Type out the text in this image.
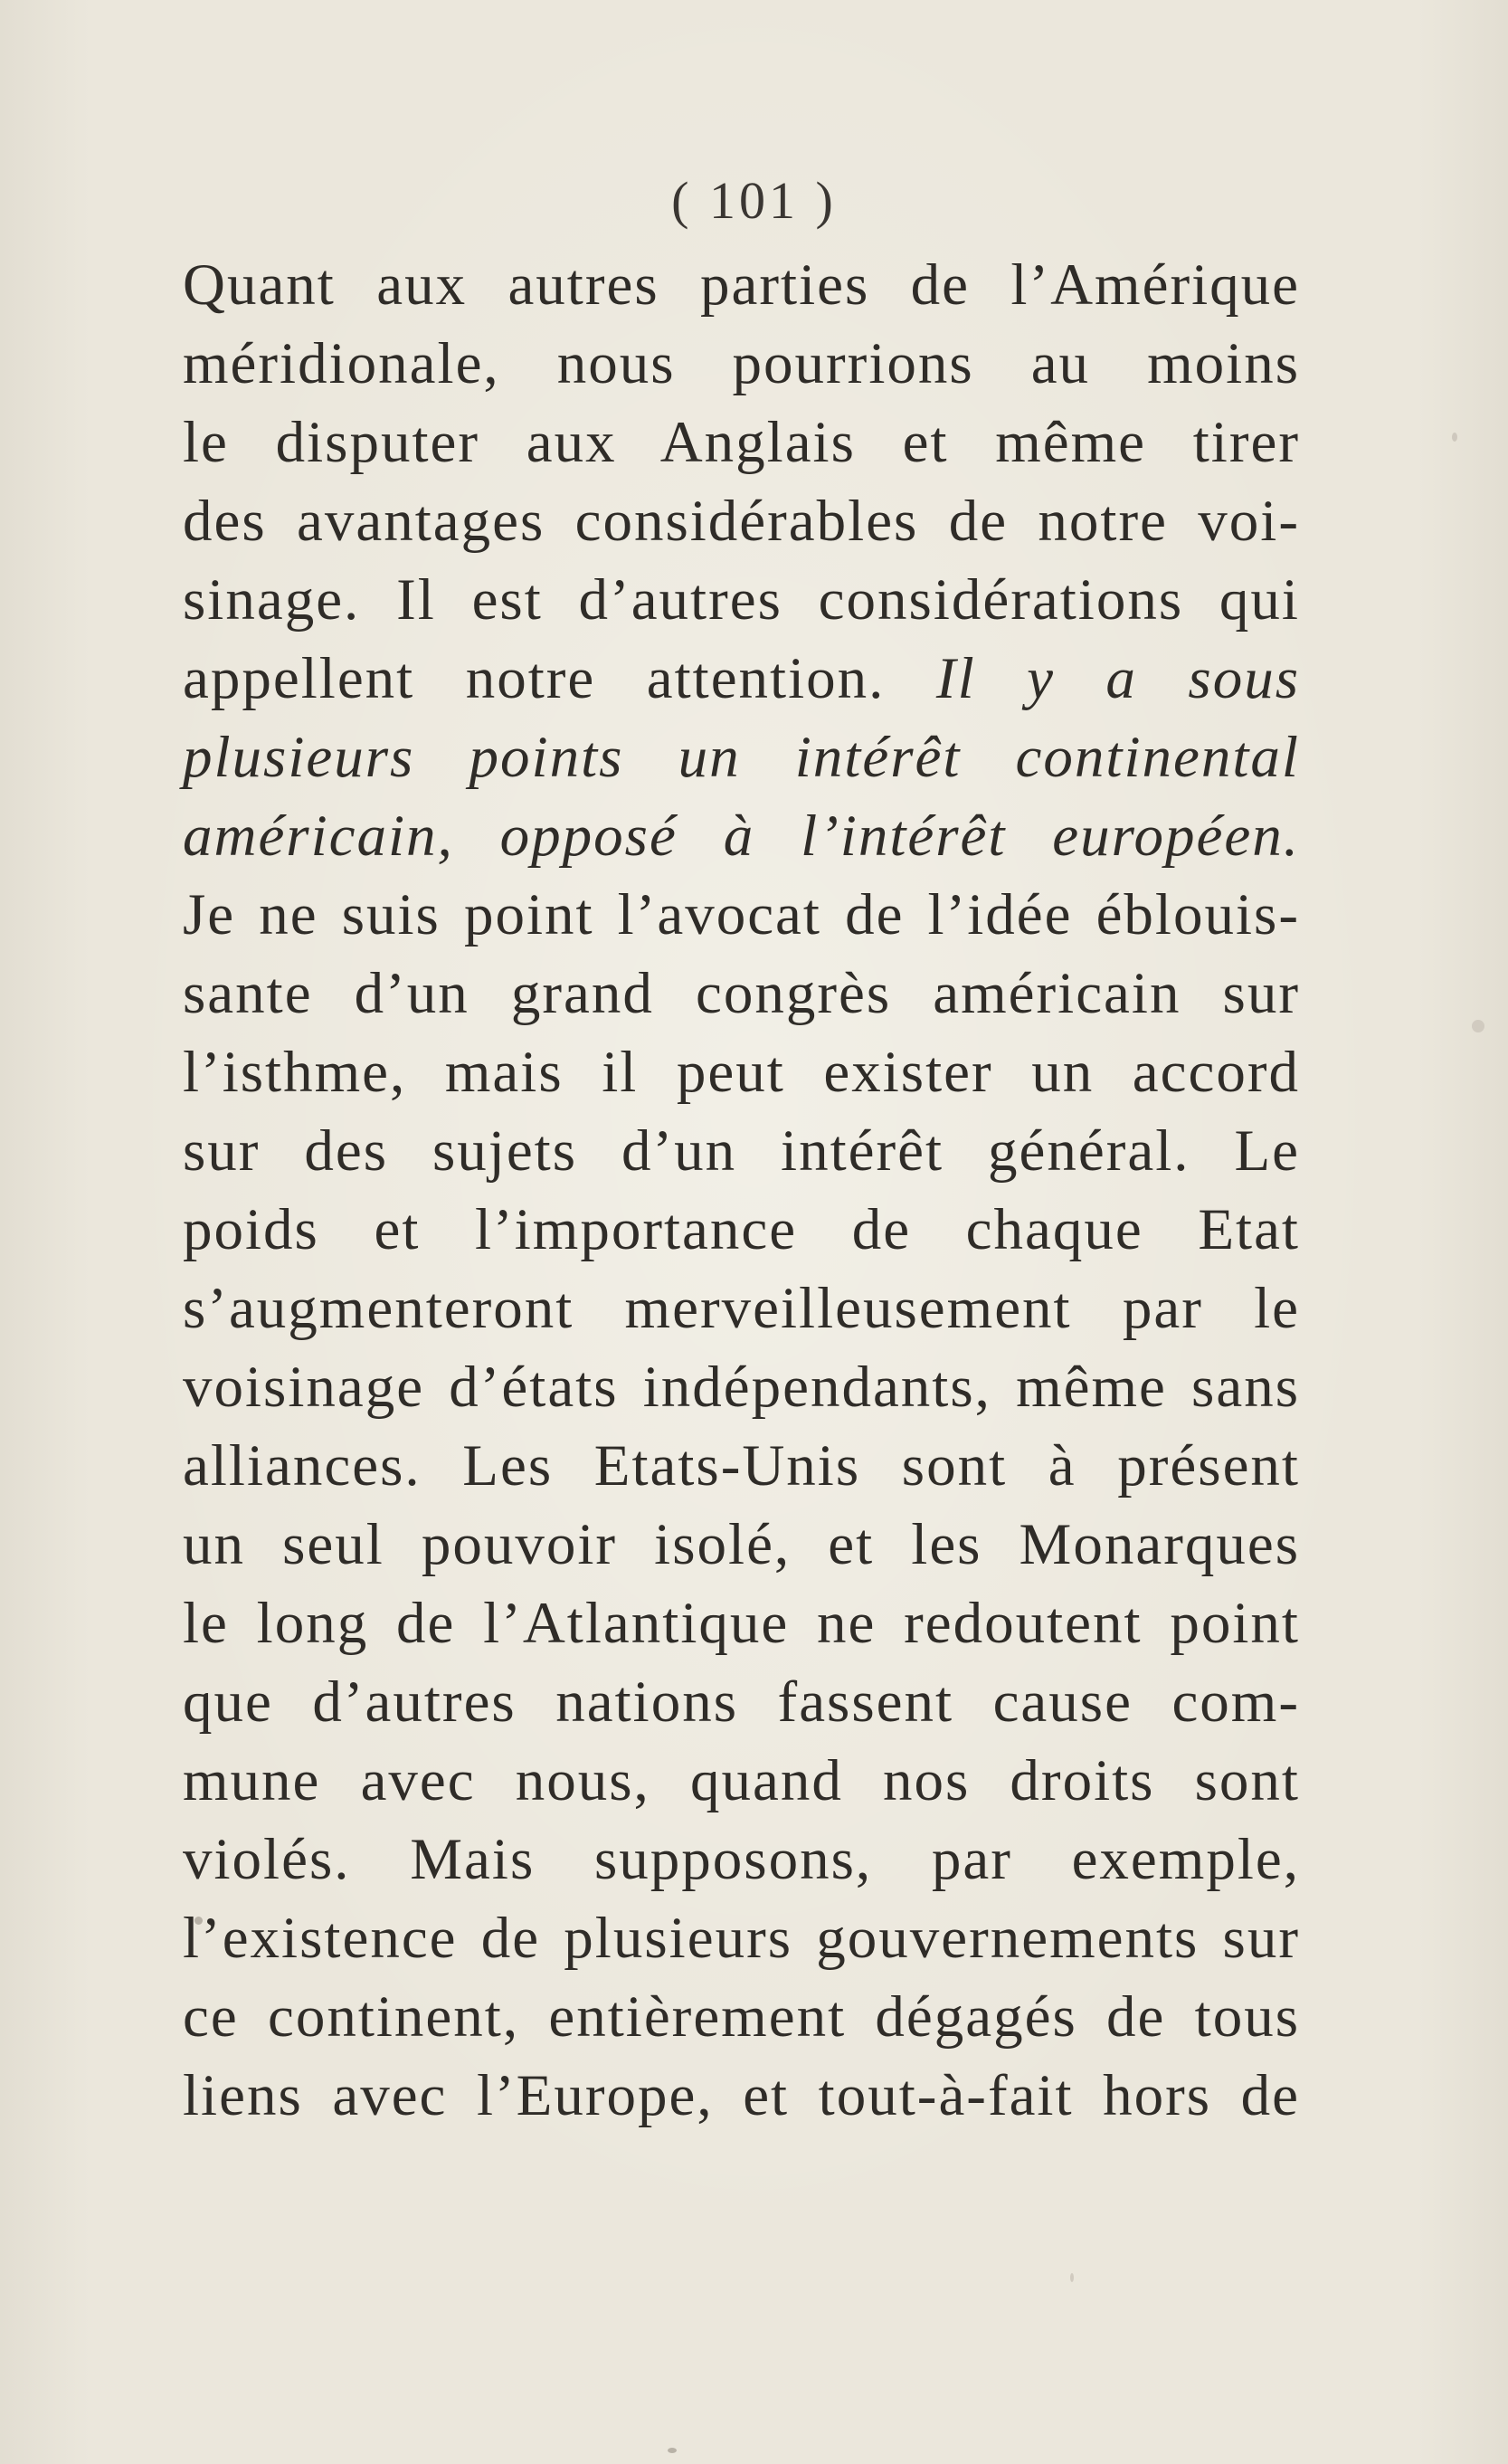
( 101 )
Quant aux autres parties de l’Amérique
méridionale, nous pourrions au moins
le disputer aux Anglais et même tirer
des avantages considérables de notre voi-
sinage. Il est d’autres considérations qui
appellent notre attention. Il y a sous
plusieurs points un intérêt continental
américain, opposé à l’intérêt européen.
Je ne suis point l’avocat de l’idée éblouis-
sante d’un grand congrès américain sur
l’isthme, mais il peut exister un accord
sur des sujets d’un intérêt général. Le
poids et l’importance de chaque Etat
s’augmenteront merveilleusement par le
voisinage d’états indépendants, même sans
alliances. Les Etats-Unis sont à présent
un seul pouvoir isolé, et les Monarques
le long de l’Atlantique ne redoutent point
que d’autres nations fassent cause com-
mune avec nous, quand nos droits sont
violés. Mais supposons, par exemple,
l’existence de plusieurs gouvernements sur
ce continent, entièrement dégagés de tous
liens avec l’Europe, et tout-à-fait hors de
